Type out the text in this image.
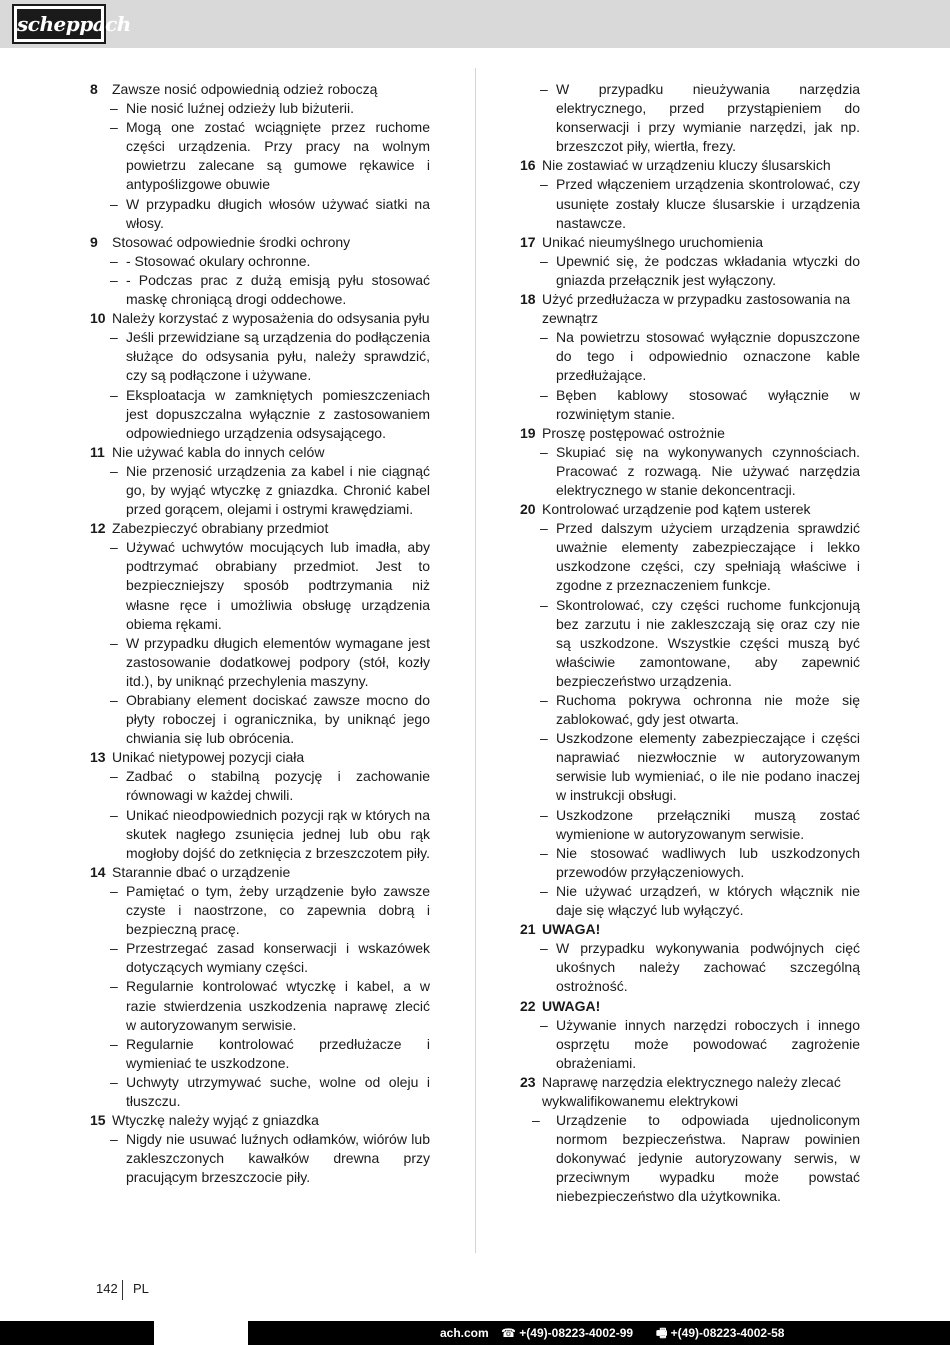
scheppach
8 Zawsze nosić odpowiednią odzież roboczą
– Nie nosić luźnej odzieży lub biżuterii.
– Mogą one zostać wciągnięte przez ruchome części urządzenia. Przy pracy na wolnym powietrzu zalecane są gumowe rękawice i antypoślizgowe obuwie
– W przypadku długich włosów używać siatki na włosy.
9 Stosować odpowiednie środki ochrony
– - Stosować okulary ochronne.
– - Podczas prac z dużą emisją pyłu stosować maskę chroniącą drogi oddechowe.
10 Należy korzystać z wyposażenia do odsysania pyłu
– Jeśli przewidziane są urządzenia do podłączenia służące do odsysania pyłu, należy sprawdzić, czy są podłączone i używane.
– Eksploatacja w zamkniętych pomieszczeniach jest dopuszczalna wyłącznie z zastosowaniem odpowiedniego urządzenia odsysającego.
11 Nie używać kabla do innych celów
– Nie przenosić urządzenia za kabel i nie ciągnąć go, by wyjąć wtyczkę z gniazdka. Chronić kabel przed gorącem, olejami i ostrymi krawędziami.
12 Zabezpieczyć obrabiany przedmiot
– Używać uchwytów mocujących lub imadła, aby podtrzymać obrabiany przedmiot. Jest to bezpieczniejszy sposób podtrzymania niż własne ręce i umożliwia obsługę urządzenia obiema rękami.
– W przypadku długich elementów wymagane jest zastosowanie dodatkowej podpory (stół, kozły itd.), by uniknąć przechylenia maszyny.
– Obrabiany element dociskać zawsze mocno do płyty roboczej i ogranicznika, by uniknąć jego chwiania się lub obrócenia.
13 Unikać nietypowej pozycji ciała
– Zadbać o stabilną pozycję i zachowanie równowagi w każdej chwili.
– Unikać nieodpowiednich pozycji rąk w których na skutek nagłego zsunięcia jednej lub obu rąk mogłoby dojść do zetknięcia z brzeszczotem piły.
14 Starannie dbać o urządzenie
– Pamiętać o tym, żeby urządzenie było zawsze czyste i naostrzone, co zapewnia dobrą i bezpieczną pracę.
– Przestrzegać zasad konserwacji i wskazówek dotyczących wymiany części.
– Regularnie kontrolować wtyczkę i kabel, a w razie stwierdzenia uszkodzenia naprawę zlecić w autoryzowanym serwisie.
– Regularnie kontrolować przedłużacze i wymieniać te uszkodzone.
– Uchwyty utrzymywać suche, wolne od oleju i tłuszczu.
15 Wtyczkę należy wyjąć z gniazdka
– Nigdy nie usuwać luźnych odłamków, wiórów lub zakleszczonych kawałków drewna przy pracującym brzeszczocie piły.
– W przypadku nieużywania narzędzia elektrycznego, przed przystąpieniem do konserwacji i przy wymianie narzędzi, jak np. brzeszczot piły, wiertła, frezy.
16 Nie zostawiać w urządzeniu kluczy ślusarskich
– Przed włączeniem urządzenia skontrolować, czy usunięte zostały klucze ślusarskie i urządzenia nastawcze.
17 Unikać nieumyślnego uruchomienia
– Upewnić się, że podczas wkładania wtyczki do gniazda przełącznik jest wyłączony.
18 Użyć przedłużacza w przypadku zastosowania na zewnątrz
– Na powietrzu stosować wyłącznie dopuszczone do tego i odpowiednio oznaczone kable przedłużające.
– Bęben kablowy stosować wyłącznie w rozwiniętym stanie.
19 Proszę postępować ostrożnie
– Skupiać się na wykonywanych czynnościach. Pracować z rozwagą. Nie używać narzędzia elektrycznego w stanie dekoncentracji.
20 Kontrolować urządzenie pod kątem usterek
– Przed dalszym użyciem urządzenia sprawdzić uważnie elementy zabezpieczające i lekko uszkodzone części, czy spełniają właściwe i zgodne z przeznaczeniem funkcje.
– Skontrolować, czy części ruchome funkcjonują bez zarzutu i nie zakleszczają się oraz czy nie są uszkodzone. Wszystkie części muszą być właściwie zamontowane, aby zapewnić bezpieczeństwo urządzenia.
– Ruchoma pokrywa ochronna nie może się zablokować, gdy jest otwarta.
– Uszkodzone elementy zabezpieczające i części naprawiać niezwłocznie w autoryzowanym serwisie lub wymieniać, o ile nie podano inaczej w instrukcji obsługi.
– Uszkodzone przełączniki muszą zostać wymienione w autoryzowanym serwisie.
– Nie stosować wadliwych lub uszkodzonych przewodów przyłączeniowych.
– Nie używać urządzeń, w których włącznik nie daje się włączyć lub wyłączyć.
21 UWAGA!
– W przypadku wykonywania podwójnych cięć ukośnych należy zachować szczególną ostrożność.
22 UWAGA!
– Używanie innych narzędzi roboczych i innego osprzętu może powodować zagrożenie obrażeniami.
23 Naprawę narzędzia elektrycznego należy zlecać wykwalifikowanemu elektrykowi
– Urządzenie to odpowiada ujednoliconym normom bezpieczeństwa. Napraw powinien dokonywać jedynie autoryzowany serwis, w przeciwnym wypadku może powstać niebezpieczeństwo dla użytkownika.
142 PL
ach.com ☎ +(49)-08223-4002-99 🖷 +(49)-08223-4002-58
